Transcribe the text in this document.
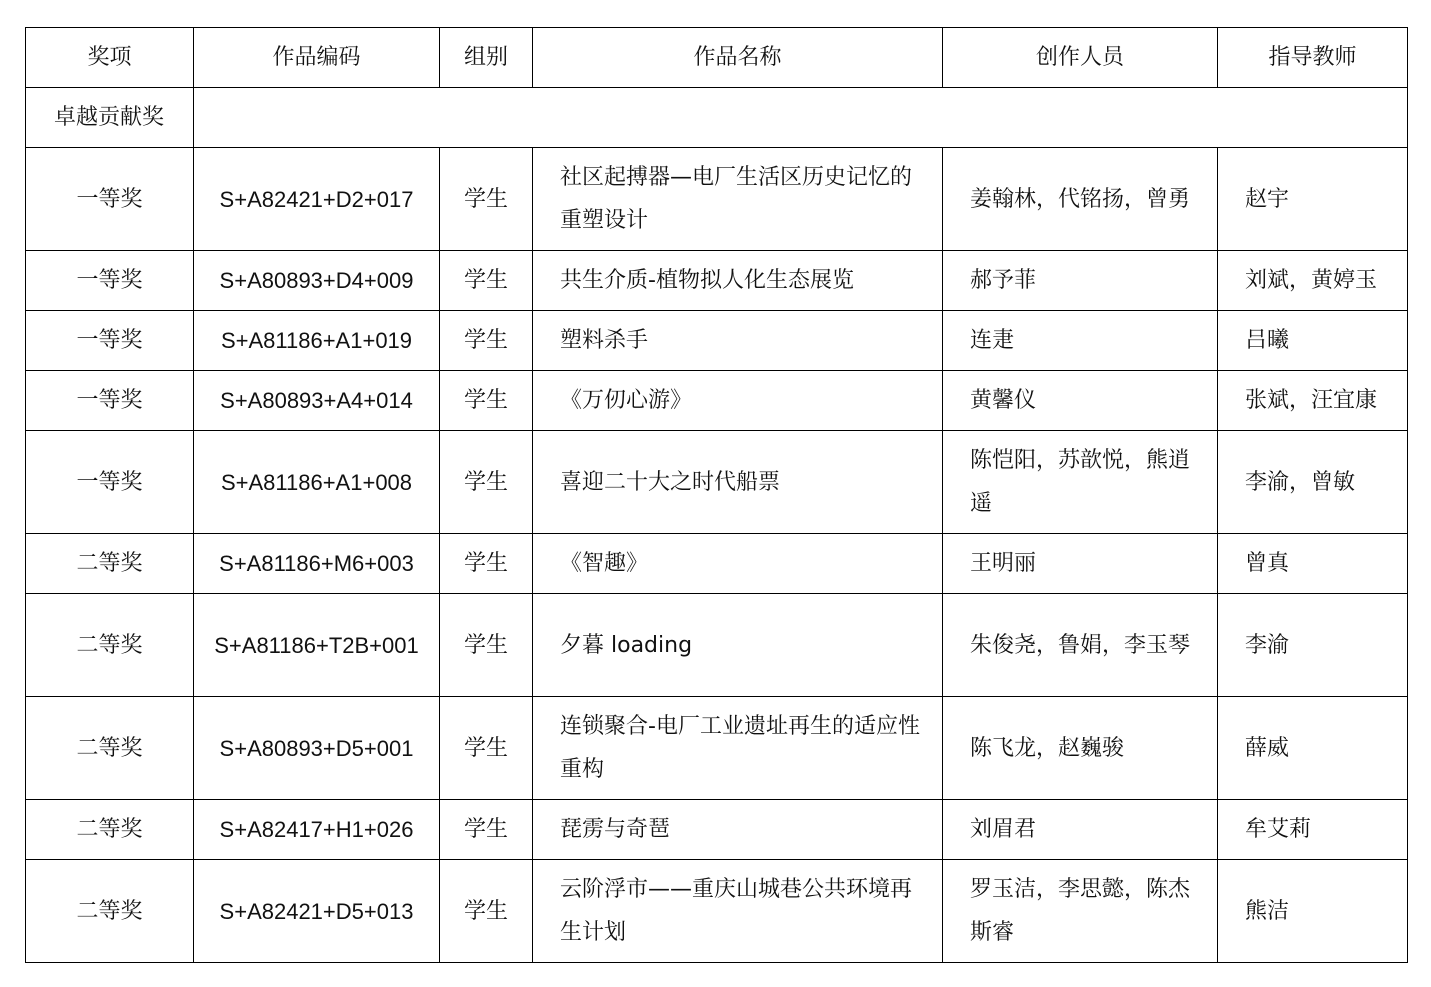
奖项	作品编码	组别	作品名称	创作人员	指导教师
卓越贡献奖					
一等奖	S+A82421+D2+017	学生	社区起搏器—电厂生活区历史记忆的重塑设计	姜翰林，代铭扬，曾勇	赵宇
一等奖	S+A80893+D4+009	学生	共生介质-植物拟人化生态展览	郝予菲	刘斌，黄婷玉
一等奖	S+A81186+A1+019	学生	塑料杀手	连疌	吕曦
一等奖	S+A80893+A4+014	学生	《万仞心游》	黄馨仪	张斌，汪宜康
一等奖	S+A81186+A1+008	学生	喜迎二十大之时代船票	陈恺阳，苏歆悦，熊逍遥	李渝，曾敏
二等奖	S+A81186+M6+003	学生	《智趣》	王明丽	曾真
二等奖	S+A81186+T2B+001	学生	夕暮 loading	朱俊尧，鲁娟，李玉琴	李渝
二等奖	S+A80893+D5+001	学生	连锁聚合-电厂工业遗址再生的适应性重构	陈飞龙，赵巍骏	薛威
二等奖	S+A82417+H1+026	学生	琵雳与奇琶	刘眉君	牟艾莉
二等奖	S+A82421+D5+013	学生	云阶浮市——重庆山城巷公共环境再生计划	罗玉洁，李思懿，陈杰斯睿	熊洁
